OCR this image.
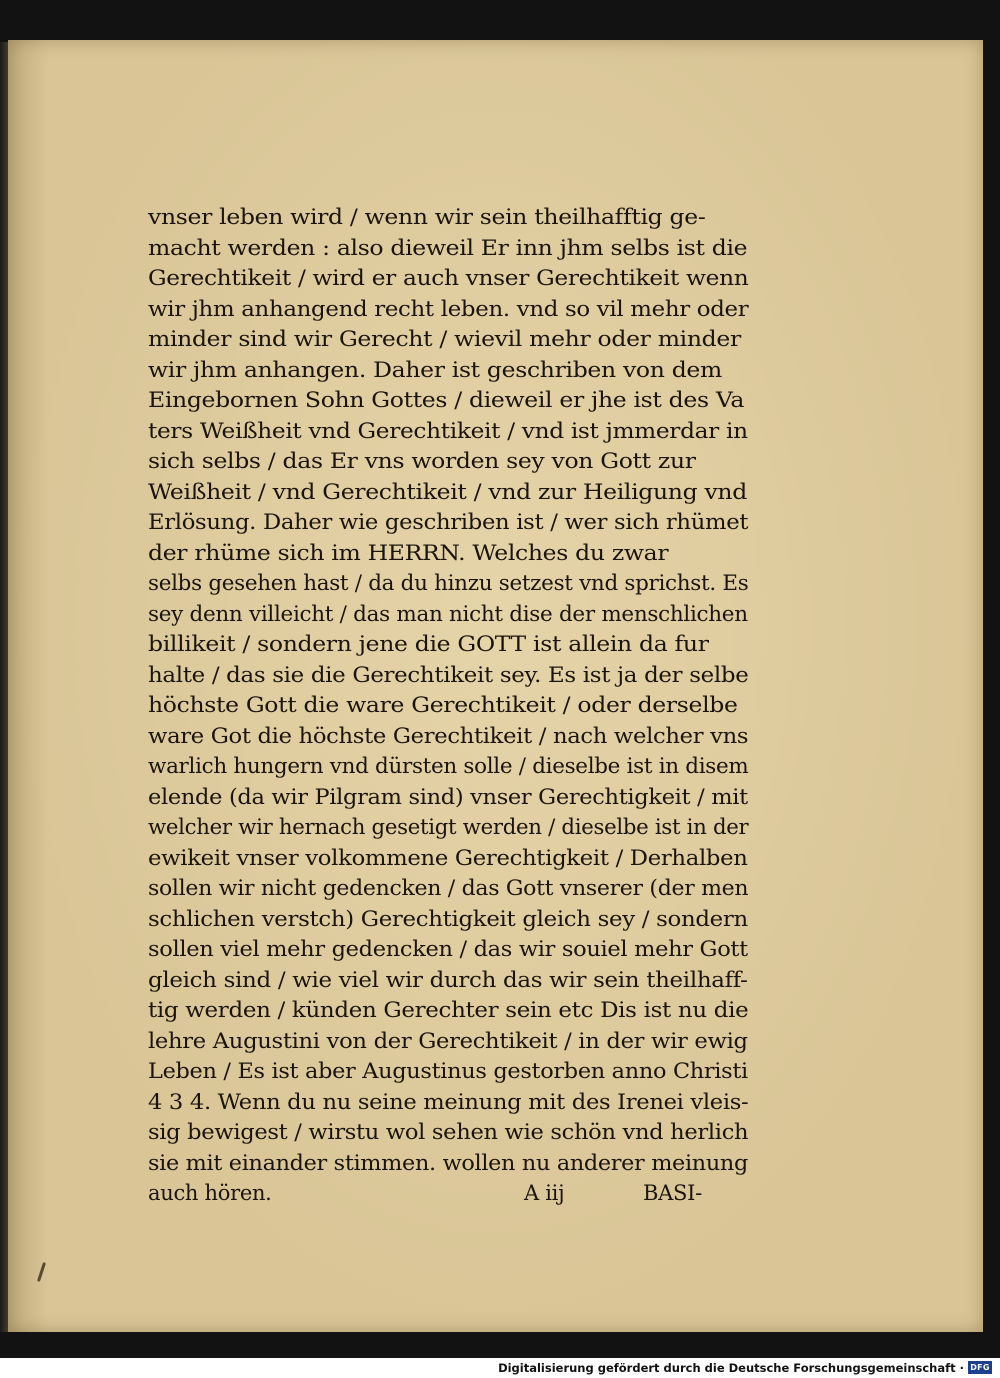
vnser leben wird / wenn wir sein theilhafftig ge-
macht werden : also dieweil Er inn jhm selbs ist die
Gerechtikeit / wird er auch vnser Gerechtikeit wenn
wir jhm anhangend recht leben. vnd so vil mehr oder
minder sind wir Gerecht / wievil mehr oder minder
wir jhm anhangen. Daher ist geschriben von dem
Eingebornen Sohn Gottes / dieweil er jhe ist des Va
ters Weißheit vnd Gerechtikeit / vnd ist jmmerdar in
sich selbs / das Er vns worden sey von Gott zur
Weißheit / vnd Gerechtikeit / vnd zur Heiligung vnd
Erlösung. Daher wie geschriben ist / wer sich rhümet
der rhüme sich im HERRN. Welches du zwar
selbs gesehen hast / da du hinzu setzest vnd sprichst. Es
sey denn villeicht / das man nicht dise der menschlichen
billikeit / sondern jene die GOTT ist allein da fur
halte / das sie die Gerechtikeit sey. Es ist ja der selbe
höchste Gott die ware Gerechtikeit / oder derselbe
ware Got die höchste Gerechtikeit / nach welcher vns
warlich hungern vnd dürsten solle / dieselbe ist in disem
elende (da wir Pilgram sind) vnser Gerechtigkeit / mit
welcher wir hernach gesetigt werden / dieselbe ist in der
ewikeit vnser volkommene Gerechtigkeit / Derhalben
sollen wir nicht gedencken / das Gott vnserer (der men
schlichen verstch) Gerechtigkeit gleich sey / sondern
sollen viel mehr gedencken / das wir souiel mehr Gott
gleich sind / wie viel wir durch das wir sein theilhaff-
tig werden / künden Gerechter sein etc Dis ist nu die
lehre Augustini von der Gerechtikeit / in der wir ewig
Leben / Es ist aber Augustinus gestorben anno Christi
4 3 4. Wenn du nu seine meinung mit des Irenei vleis-
sig bewigest / wirstu wol sehen wie schön vnd herlich
sie mit einander stimmen. wollen nu anderer meinung
auch hören.	A iij	BASI-
Digitalisierung gefördert durch die Deutsche Forschungsgemeinschaft · DFG
